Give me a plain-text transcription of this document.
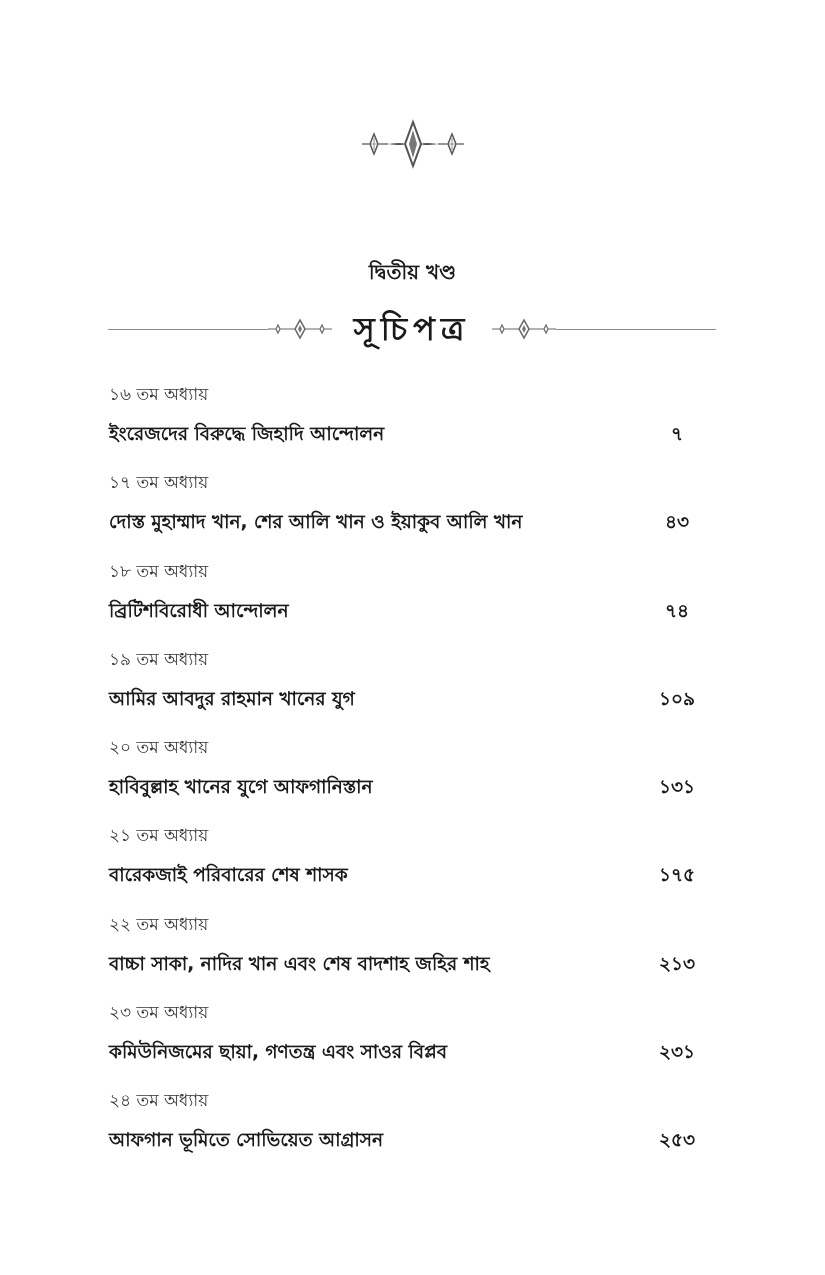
দ্বিতীয় খণ্ড
সূচিপত্র
১৬ তম অধ্যায়
ইংরেজদের বিরুদ্ধে জিহাদি আন্দোলন	৭
১৭ তম অধ্যায়
দোস্ত মুহাম্মাদ খান, শের আলি খান ও ইয়াকুব আলি খান	৪৩
১৮ তম অধ্যায়
ব্রিটিশবিরোধী আন্দোলন	৭৪
১৯ তম অধ্যায়
আমির আবদুর রাহমান খানের যুগ	১০৯
২০ তম অধ্যায়
হাবিবুল্লাহ খানের যুগে আফগানিস্তান	১৩১
২১ তম অধ্যায়
বারেকজাই পরিবারের শেষ শাসক	১৭৫
২২ তম অধ্যায়
বাচ্চা সাকা, নাদির খান এবং শেষ বাদশাহ জহির শাহ	২১৩
২৩ তম অধ্যায়
কমিউনিজমের ছায়া, গণতন্ত্র এবং সাওর বিপ্লব	২৩১
২৪ তম অধ্যায়
আফগান ভূমিতে সোভিয়েত আগ্রাসন	২৫৩
